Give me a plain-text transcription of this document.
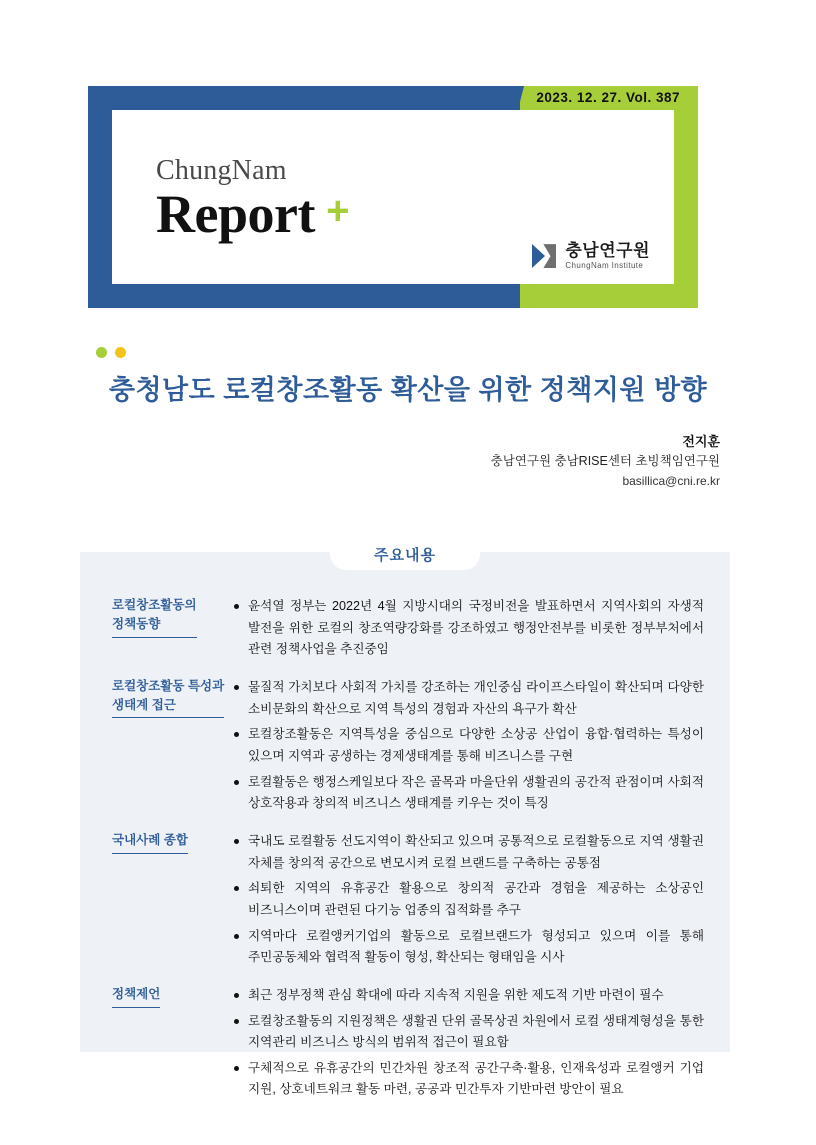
ChungNam
Report +
충남연구원
ChungNam Institute
2023. 12. 27. Vol. 387
충청남도 로컬창조활동 확산을 위한 정책지원 방향
전지훈
충남연구원 충남RISE센터 초빙책임연구원
basillica@cni.re.kr
주요내용
로컬창조활동의
정책동향
윤석열 정부는 2022년 4월 지방시대의 국정비전을 발표하면서 지역사회의 자생적 발전을 위한 로컬의 창조역량강화를 강조하였고 행정안전부를 비롯한 정부부처에서 관련 정책사업을 추진중임
로컬창조활동 특성과
생태계 접근
물질적 가치보다 사회적 가치를 강조하는 개인중심 라이프스타일이 확산되며 다양한 소비문화의 확산으로 지역 특성의 경험과 자산의 욕구가 확산
로컬창조활동은 지역특성을 중심으로 다양한 소상공 산업이 융합·협력하는 특성이 있으며 지역과 공생하는 경제생태계를 통해 비즈니스를 구현
로컬활동은 행정스케일보다 작은 골목과 마을단위 생활권의 공간적 관점이며 사회적 상호작용과 창의적 비즈니스 생태계를 키우는 것이 특징
국내사례 종합	국내도 로컬활동 선도지역이 확산되고 있으며 공통적으로 로컬활동으로 지역 생활권 자체를 창의적 공간으로 변모시켜 로컬 브랜드를 구축하는 공통점
쇠퇴한 지역의 유휴공간 활용으로 창의적 공간과 경험을 제공하는 소상공인 비즈니스이며 관련된 다기능 업종의 집적화를 추구
지역마다 로컬앵커기업의 활동으로 로컬브랜드가 형성되고 있으며 이를 통해 주민공동체와 협력적 활동이 형성, 확산되는 형태임을 시사
정책제언	최근 정부정책 관심 확대에 따라 지속적 지원을 위한 제도적 기반 마련이 필수
로컬창조활동의 지원정책은 생활권 단위 골목상권 차원에서 로컬 생태계형성을 통한 지역관리 비즈니스 방식의 범위적 접근이 필요함
구체적으로 유휴공간의 민간차원 창조적 공간구축·활용, 인재육성과 로컬앵커 기업 지원, 상호네트워크 활동 마련, 공공과 민간투자 기반마련 방안이 필요
